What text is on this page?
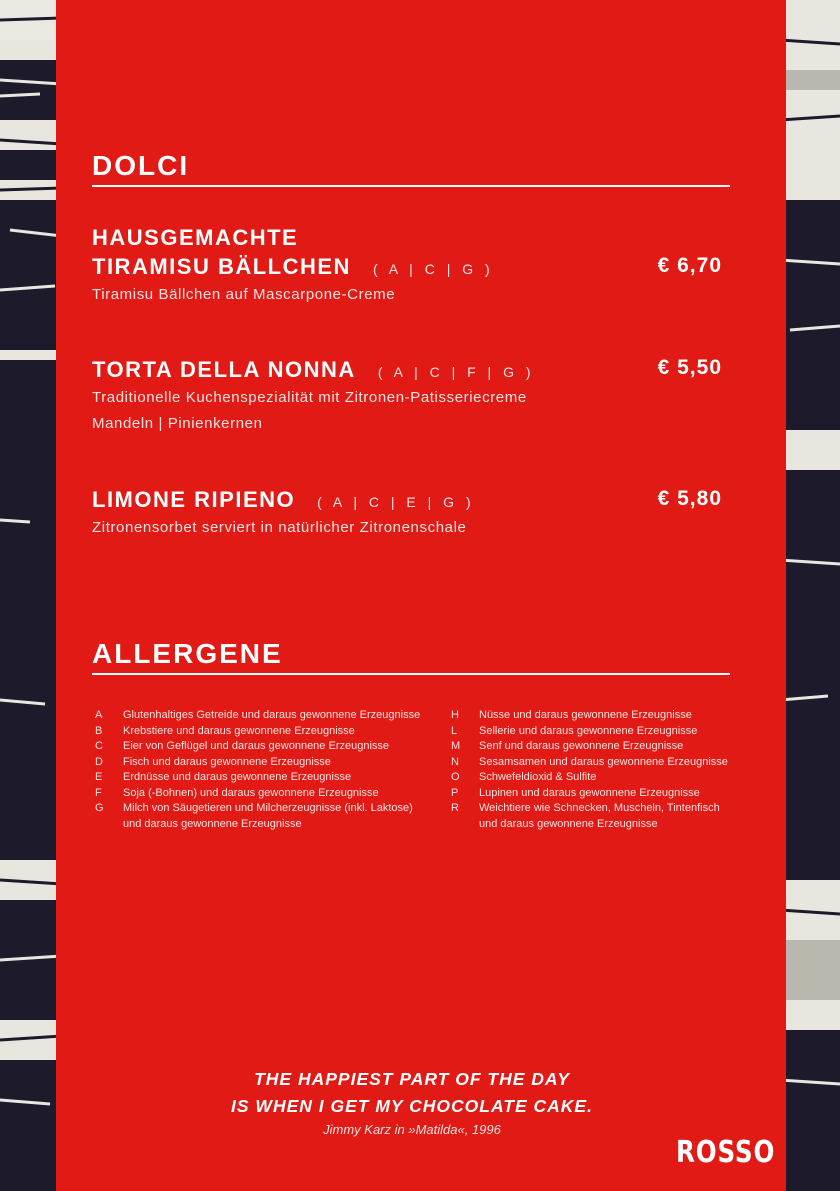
DOLCI
HAUSGEMACHTE
TIRAMISU BÄLLCHEN ( A | C | G )	€ 6,70
Tiramisu Bällchen auf Mascarpone-Creme
TORTA DELLA NONNA ( A | C | F | G )	€ 5,50
Traditionelle Kuchenspezialität mit Zitronen-Patisseriecreme
Mandeln | Pinienkernen
LIMONE RIPIENO ( A | C | E | G )	€ 5,80
Zitronensorbet serviert in natürlicher Zitronenschale
ALLERGENE
A	Glutenhaltiges Getreide und daraus gewonnene Erzeugnisse
B	Krebstiere und daraus gewonnene Erzeugnisse
C	Eier von Geflügel und daraus gewonnene Erzeugnisse
D	Fisch und daraus gewonnene Erzeugnisse
E	Erdnüsse und daraus gewonnene Erzeugnisse
F	Soja (-Bohnen) und daraus gewonnene Erzeugnisse
G	Milch von Säugetieren und Milcherzeugnisse (inkl. Laktose) und daraus gewonnene Erzeugnisse
H	Nüsse und daraus gewonnene Erzeugnisse
L	Sellerie und daraus gewonnene Erzeugnisse
M	Senf und daraus gewonnene Erzeugnisse
N	Sesamsamen und daraus gewonnene Erzeugnisse
O	Schwefeldioxid & Sulfite
P	Lupinen und daraus gewonnene Erzeugnisse
R	Weichtiere wie Schnecken, Muscheln, Tintenfisch und daraus gewonnene Erzeugnisse
THE HAPPIEST PART OF THE DAY
IS WHEN I GET MY CHOCOLATE CAKE.
Jimmy Karz in »Matilda«, 1996
ROSSO
